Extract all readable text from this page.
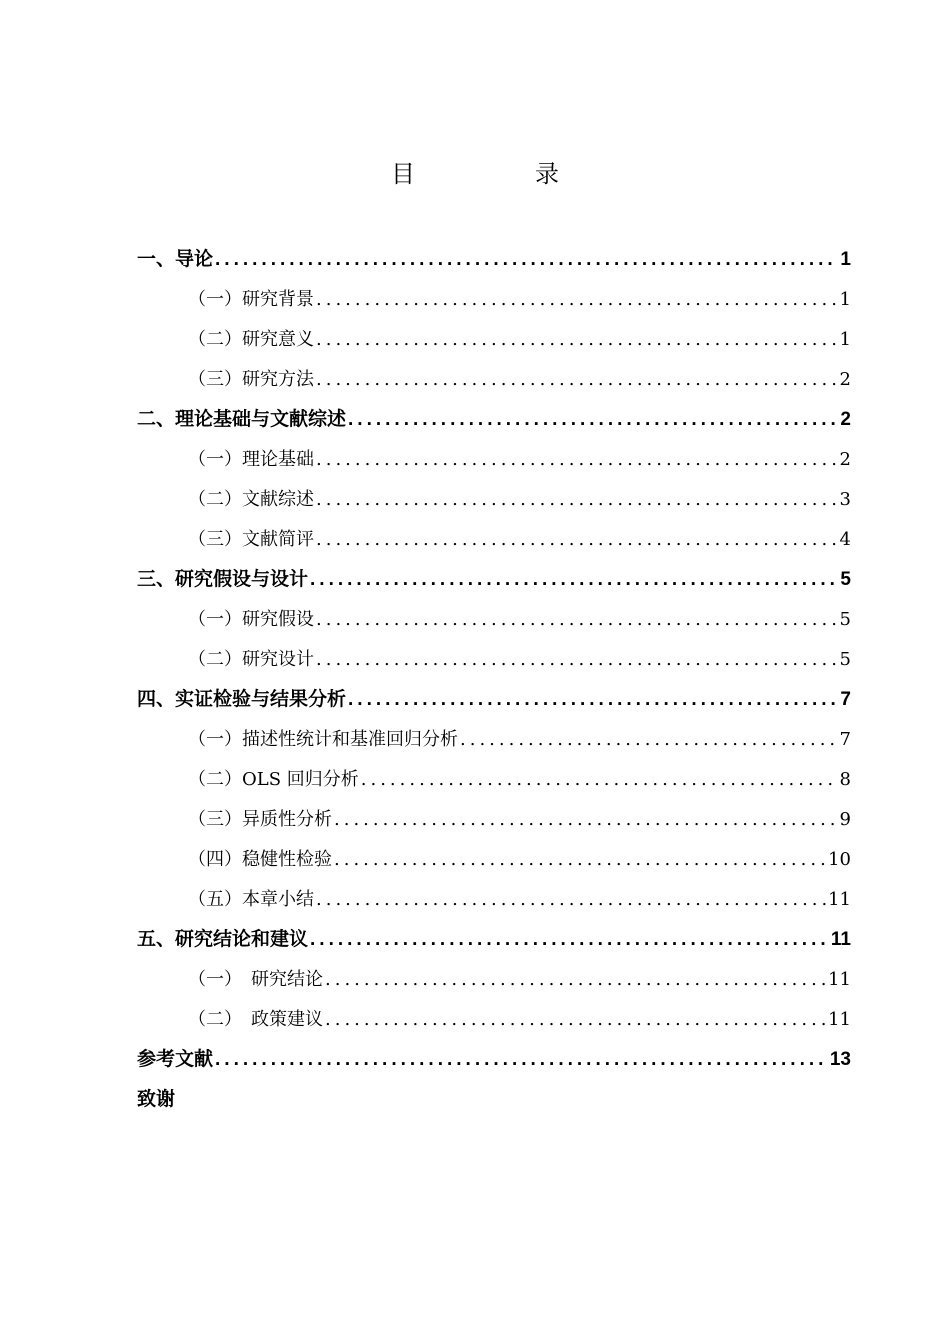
目　录
一、导论 .....	1
（一）研究背景 .....	1
（二）研究意义 .....	1
（三）研究方法 .....	2
二、理论基础与文献综述 .....	2
（一）理论基础 .....	2
（二）文献综述 .....	3
（三）文献简评 .....	4
三、研究假设与设计 .....	5
（一）研究假设 .....	5
（二）研究设计 .....	5
四、实证检验与结果分析 .....	7
（一）描述性统计和基准回归分析 .....	7
（二）OLS 回归分析 .....	8
（三）异质性分析 .....	9
（四）稳健性检验 .....	10
（五）本章小结 .....	11
五、研究结论和建议 .....	11
（一）　研究结论 .....	11
（二）　政策建议 .....	11
参考文献 .....	13
致谢
